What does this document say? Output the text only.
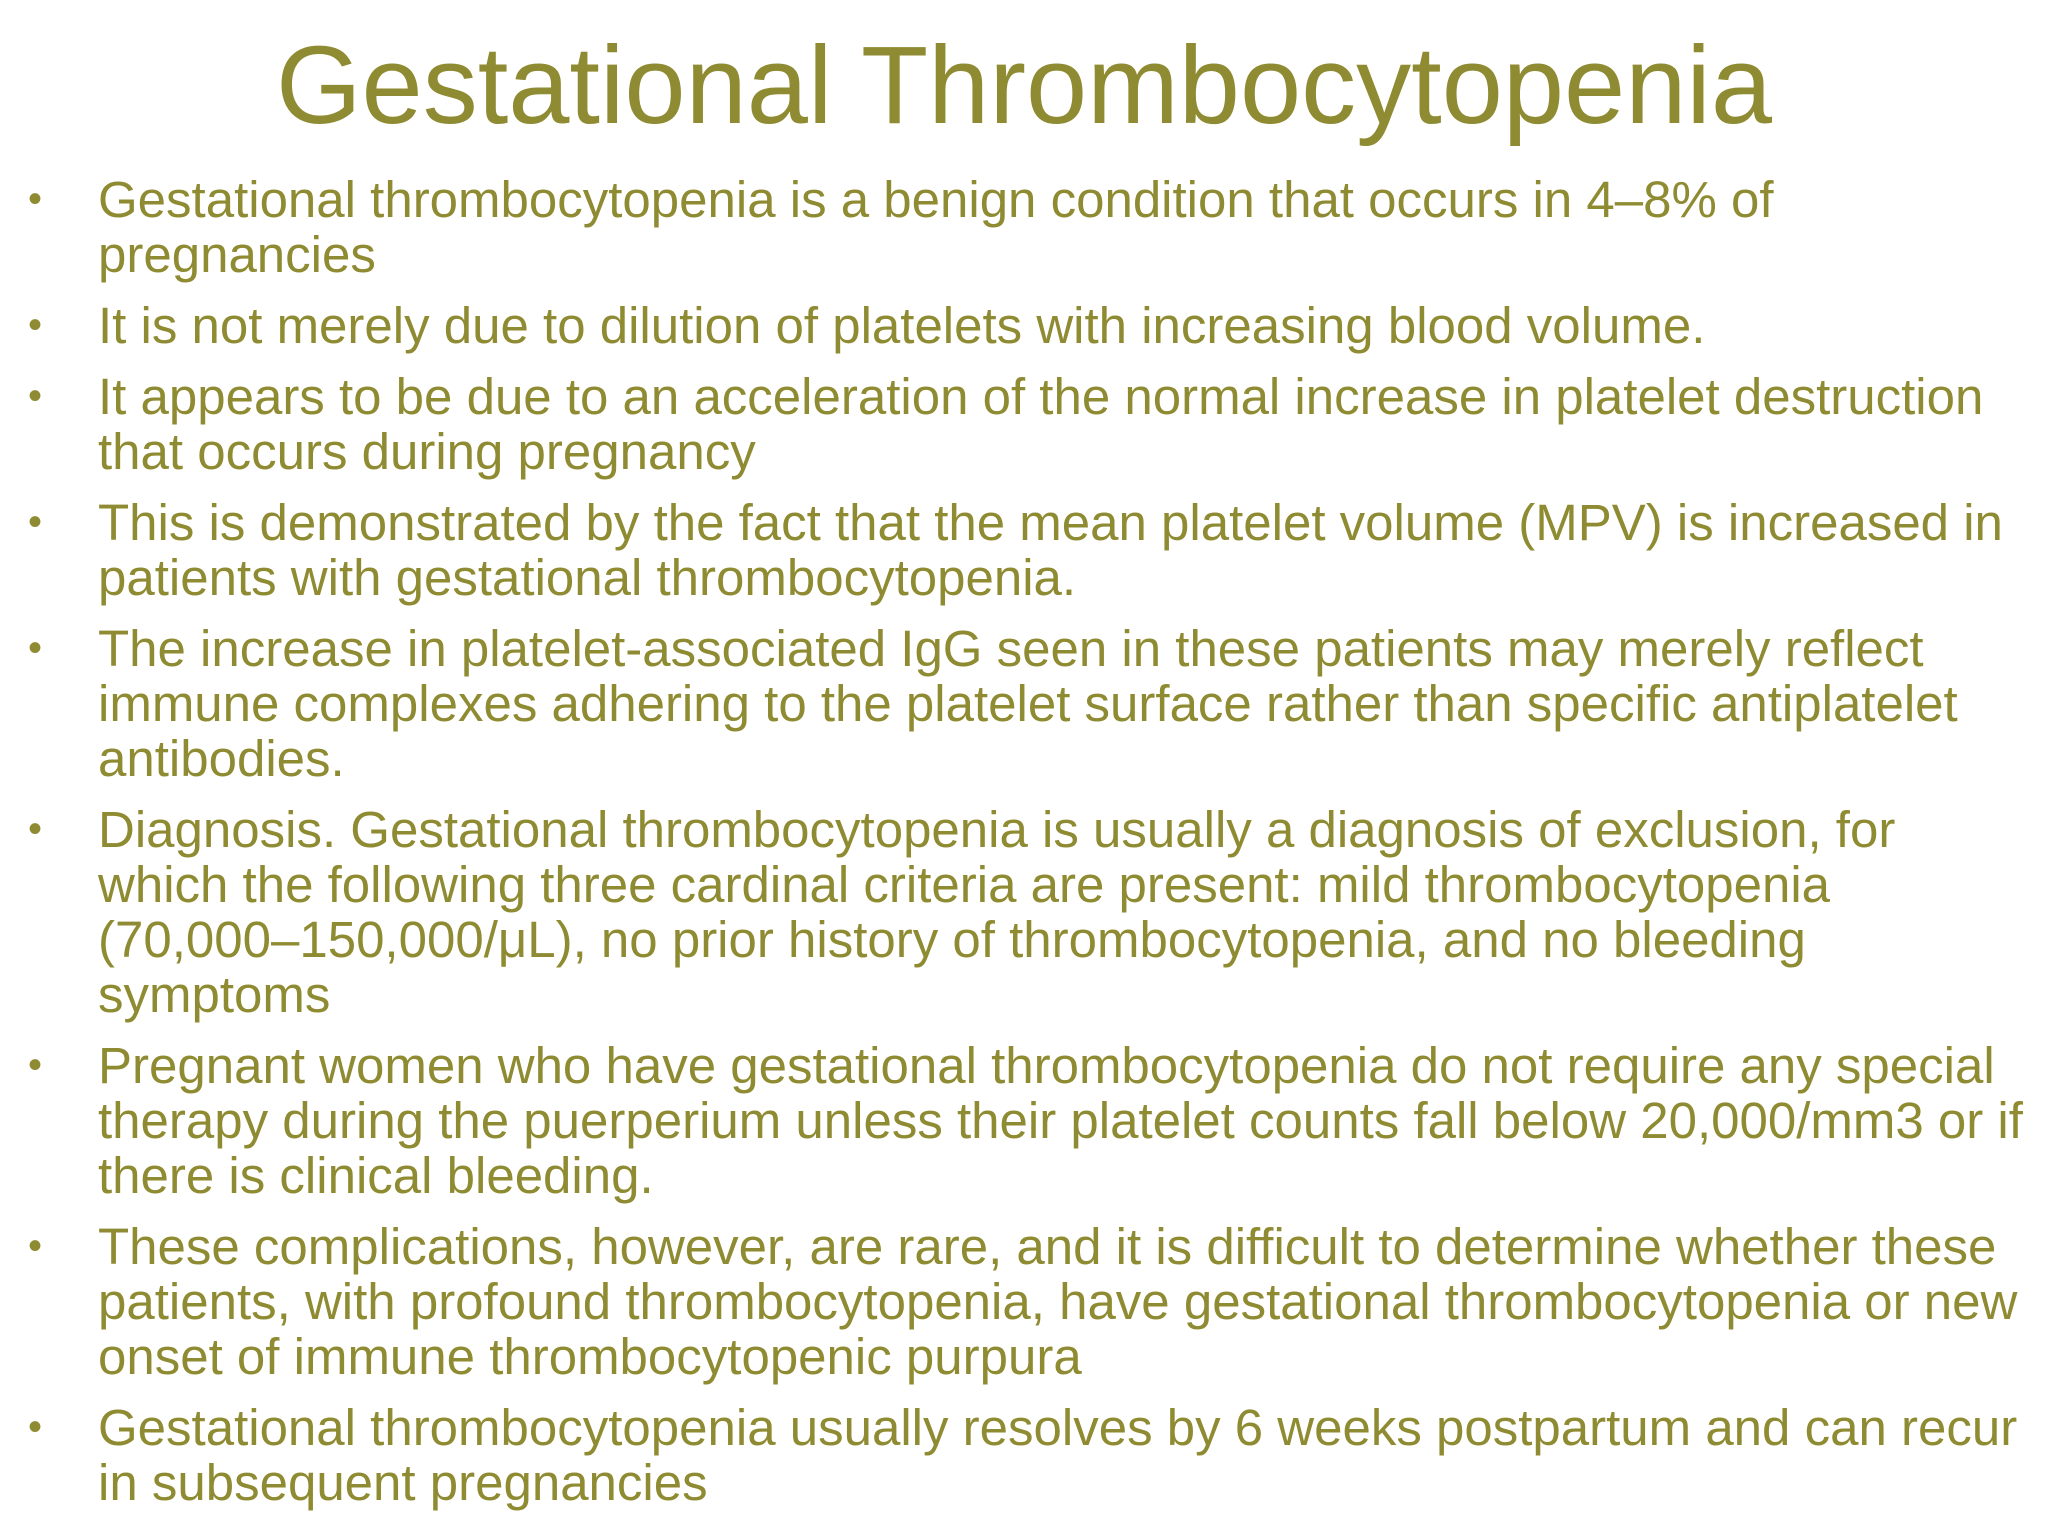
Gestational Thrombocytopenia
• Gestational thrombocytopenia is a benign condition that occurs in 4–8% of pregnancies
• It is not merely due to dilution of platelets with increasing blood volume.
• It appears to be due to an acceleration of the normal increase in platelet destruction that occurs during pregnancy
• This is demonstrated by the fact that the mean platelet volume (MPV) is increased in patients with gestational thrombocytopenia.
• The increase in platelet-associated IgG seen in these patients may merely reflect immune complexes adhering to the platelet surface rather than specific antiplatelet antibodies.
• Diagnosis. Gestational thrombocytopenia is usually a diagnosis of exclusion, for which the following three cardinal criteria are present: mild thrombocytopenia (70,000–150,000/μL), no prior history of thrombocytopenia, and no bleeding symptoms
• Pregnant women who have gestational thrombocytopenia do not require any special therapy during the puerperium unless their platelet counts fall below 20,000/mm3 or if there is clinical bleeding.
• These complications, however, are rare, and it is difficult to determine whether these patients, with profound thrombocytopenia, have gestational thrombocytopenia or new onset of immune thrombocytopenic purpura
• Gestational thrombocytopenia usually resolves by 6 weeks postpartum and can recur in subsequent pregnancies
